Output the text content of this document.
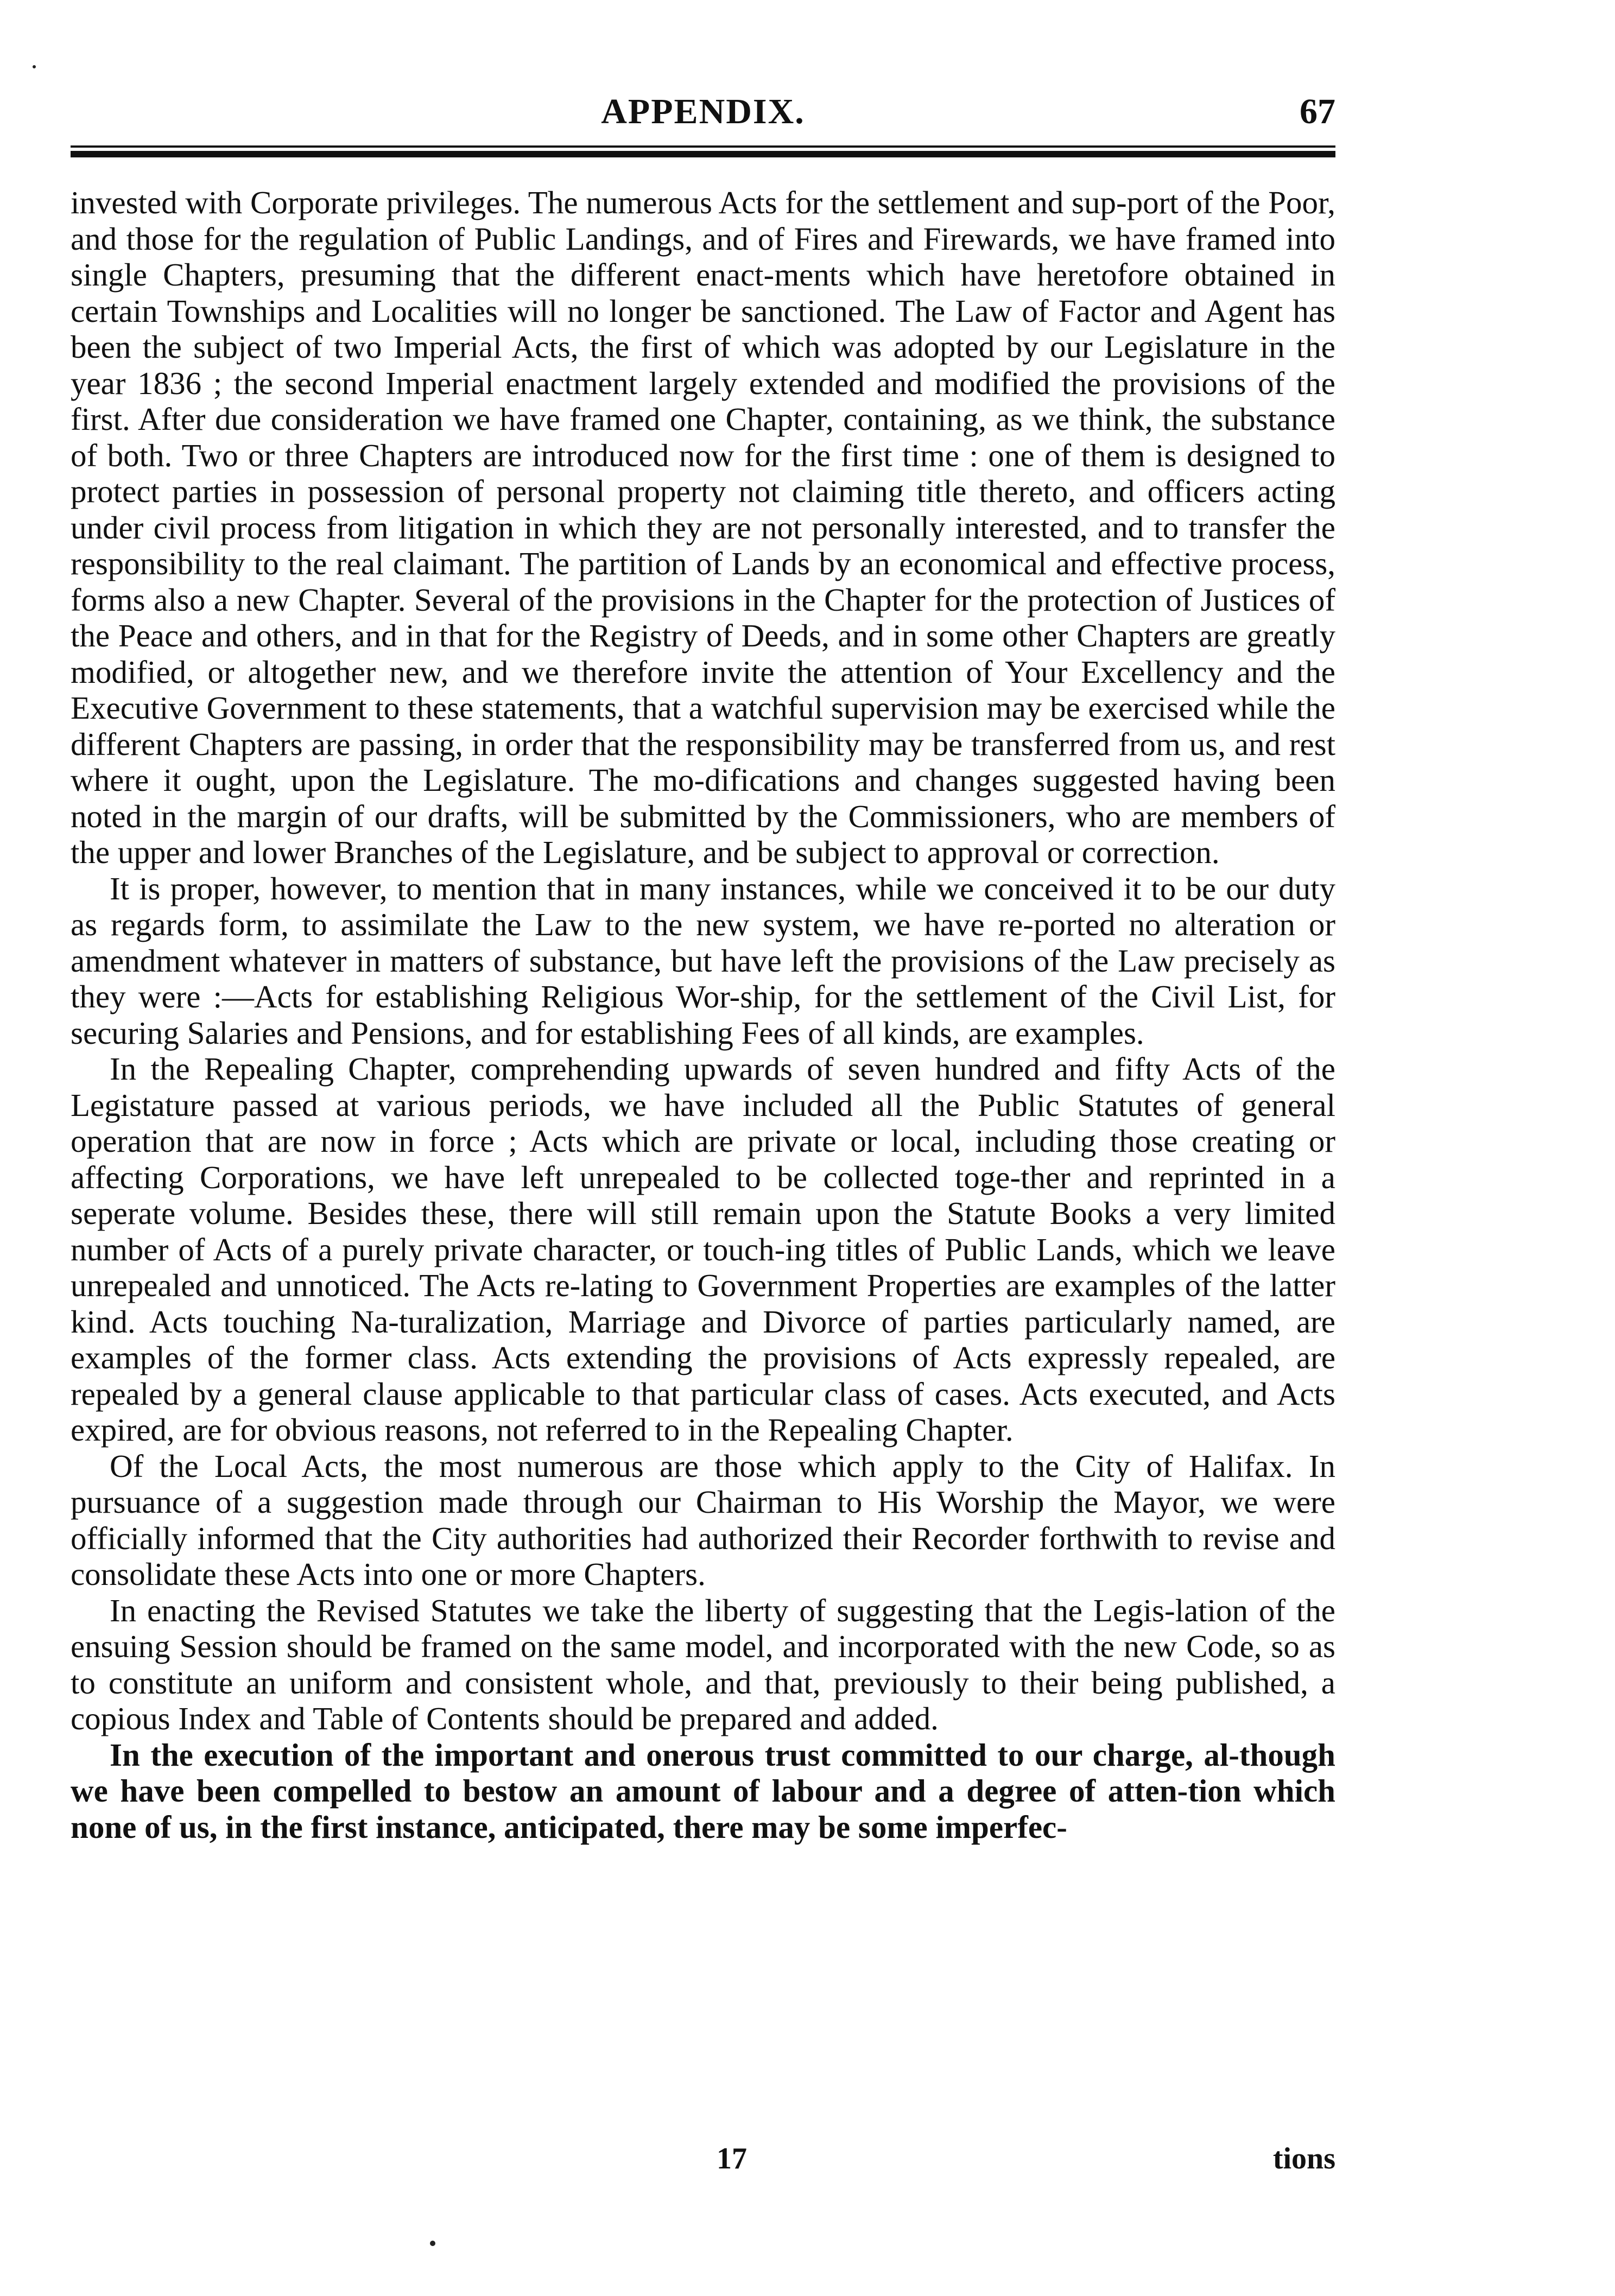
APPENDIX.	67

invested with Corporate privileges. The numerous Acts for the settlement and sup-port of the Poor, and those for the regulation of Public Landings, and of Fires and Firewards, we have framed into single Chapters, presuming that the different enact-ments which have heretofore obtained in certain Townships and Localities will no longer be sanctioned. The Law of Factor and Agent has been the subject of two Imperial Acts, the first of which was adopted by our Legislature in the year 1836 ; the second Imperial enactment largely extended and modified the provisions of the first. After due consideration we have framed one Chapter, containing, as we think, the substance of both. Two or three Chapters are introduced now for the first time : one of them is designed to protect parties in possession of personal property not claiming title thereto, and officers acting under civil process from litigation in which they are not personally interested, and to transfer the responsibility to the real claimant. The partition of Lands by an economical and effective process, forms also a new Chapter. Several of the provisions in the Chapter for the protection of Justices of the Peace and others, and in that for the Registry of Deeds, and in some other Chapters are greatly modified, or altogether new, and we therefore invite the attention of Your Excellency and the Executive Government to these statements, that a watchful supervision may be exercised while the different Chapters are passing, in order that the responsibility may be transferred from us, and rest where it ought, upon the Legislature. The mo-difications and changes suggested having been noted in the margin of our drafts, will be submitted by the Commissioners, who are members of the upper and lower Branches of the Legislature, and be subject to approval or correction.

It is proper, however, to mention that in many instances, while we conceived it to be our duty as regards form, to assimilate the Law to the new system, we have re-ported no alteration or amendment whatever in matters of substance, but have left the provisions of the Law precisely as they were :—Acts for establishing Religious Wor-ship, for the settlement of the Civil List, for securing Salaries and Pensions, and for establishing Fees of all kinds, are examples.

In the Repealing Chapter, comprehending upwards of seven hundred and fifty Acts of the Legistature passed at various periods, we have included all the Public Statutes of general operation that are now in force ; Acts which are private or local, including those creating or affecting Corporations, we have left unrepealed to be collected toge-ther and reprinted in a seperate volume. Besides these, there will still remain upon the Statute Books a very limited number of Acts of a purely private character, or touch-ing titles of Public Lands, which we leave unrepealed and unnoticed. The Acts re-lating to Government Properties are examples of the latter kind. Acts touching Na-turalization, Marriage and Divorce of parties particularly named, are examples of the former class. Acts extending the provisions of Acts expressly repealed, are repealed by a general clause applicable to that particular class of cases. Acts executed, and Acts expired, are for obvious reasons, not referred to in the Repealing Chapter.

Of the Local Acts, the most numerous are those which apply to the City of Halifax. In pursuance of a suggestion made through our Chairman to His Worship the Mayor, we were officially informed that the City authorities had authorized their Recorder forthwith to revise and consolidate these Acts into one or more Chapters.

In enacting the Revised Statutes we take the liberty of suggesting that the Legis-lation of the ensuing Session should be framed on the same model, and incorporated with the new Code, so as to constitute an uniform and consistent whole, and that, previously to their being published, a copious Index and Table of Contents should be prepared and added.

In the execution of the important and onerous trust committed to our charge, al-though we have been compelled to bestow an amount of labour and a degree of atten-tion which none of us, in the first instance, anticipated, there may be some imperfec-

17	tions
